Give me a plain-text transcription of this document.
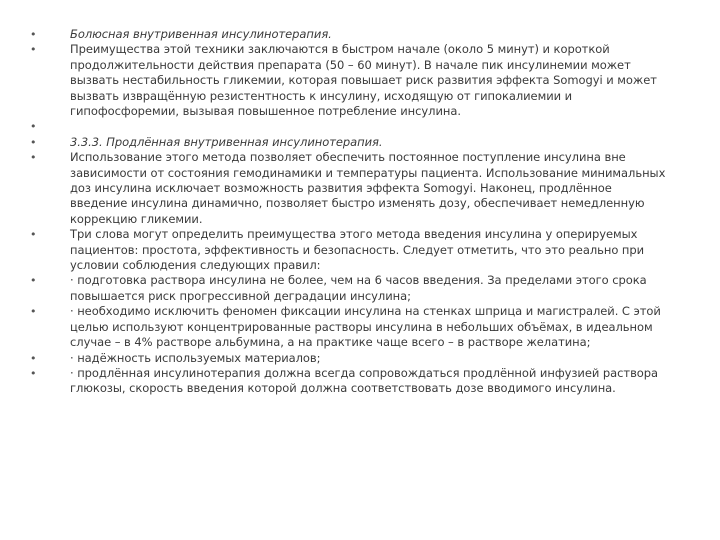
•	Болюсная внутривенная инсулинотерапия.
•	Преимущества этой техники заключаются в быстром начале (около 5 минут) и короткой продолжительности действия препарата (50 – 60 минут). В начале пик инсулинемии может вызвать нестабильность гликемии, которая повышает риск развития эффекта Somogyi и может вызвать извращённую резистентность к инсулину, исходящую от гипокалиемии и гипофосфоремии, вызывая повышенное потребление инсулина.
•
•	3.3.3. Продлённая внутривенная инсулинотерапия.
•	Использование этого метода позволяет обеспечить постоянное поступление инсулина вне зависимости от состояния гемодинамики и температуры пациента. Использование минимальных доз инсулина исключает возможность развития эффекта Somogyi. Наконец, продлённое введение инсулина динамично, позволяет быстро изменять дозу, обеспечивает немедленную коррекцию гликемии.
•	Три слова могут определить преимущества этого метода введения инсулина у оперируемых пациентов: простота, эффективность и безопасность. Следует отметить, что это реально при условии соблюдения следующих правил:
•	· подготовка раствора инсулина не более, чем на 6 часов введения. За пределами этого срока повышается риск прогрессивной деградации инсулина;
•	· необходимо исключить феномен фиксации инсулина на стенках шприца и магистралей. С этой целью используют концентрированные растворы инсулина в небольших объёмах, в идеальном случае – в 4% растворе альбумина, а на практике чаще всего – в растворе желатина;
•	· надёжность используемых материалов;
•	· продлённая инсулинотерапия должна всегда сопровождаться продлённой инфузией раствора глюкозы, скорость введения которой должна соответствовать дозе вводимого инсулина.
